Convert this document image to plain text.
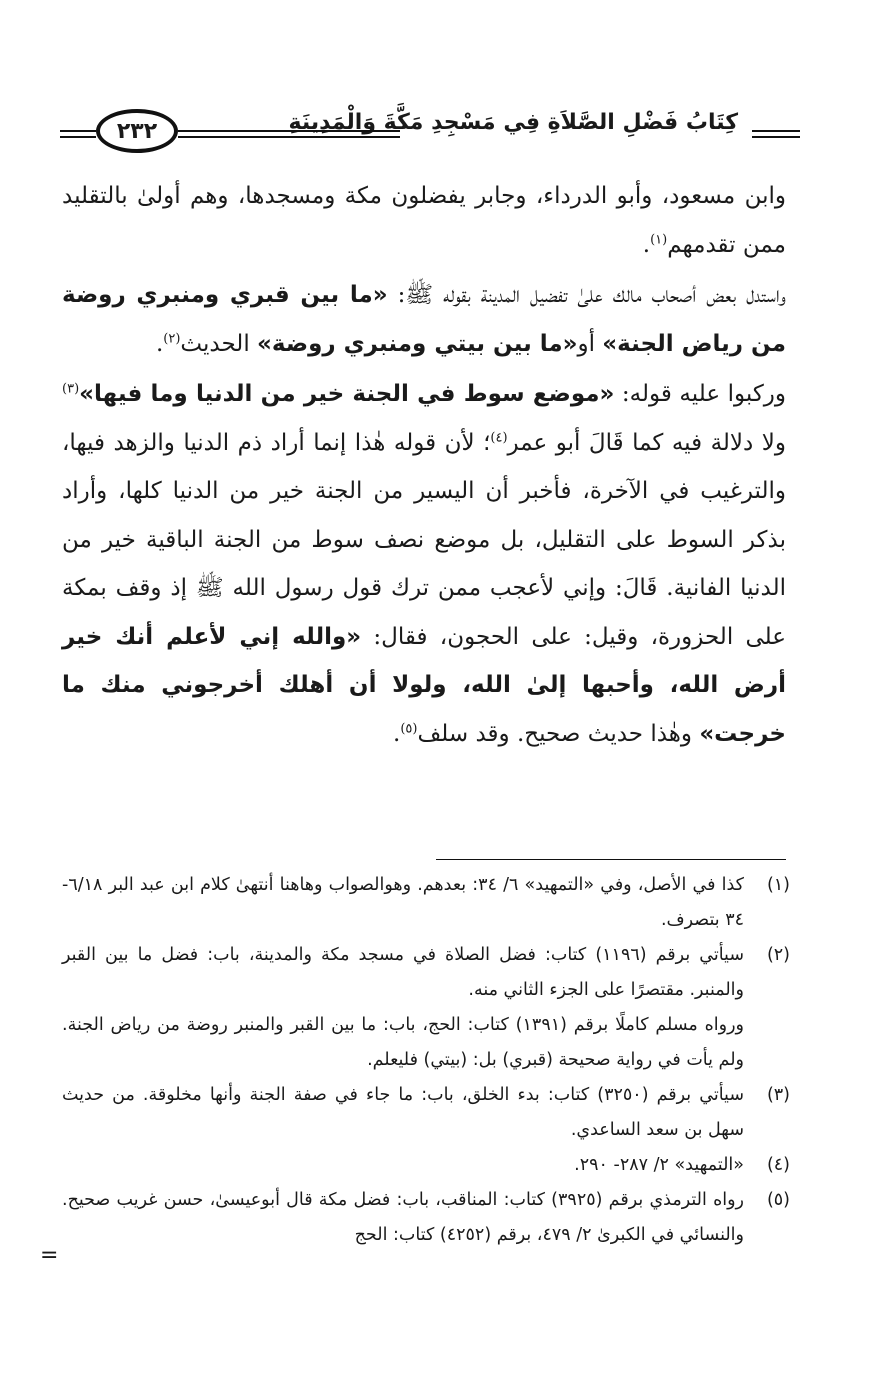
كِتَابُ فَضْلِ الصَّلاَةِ فِي مَسْجِدِ مَكَّةَ وَالْمَدِينَةِ
٢٣٢

وابن مسعود، وأبو الدرداء، وجابر يفضلون مكة ومسجدها، وهم أولىٰ بالتقليد ممن تقدمهم$^{(١)}$.

واستدل بعض أصحاب مالك علىٰ تفضيل المدينة بقوله ﷺ: «ما بين قبري ومنبري روضة من رياض الجنة» أو«ما بين بيتي ومنبري روضة» الحديث$^{(٢)}$.

وركبوا عليه قوله: «موضع سوط في الجنة خير من الدنيا وما فيها»$^{(٣)}$ ولا دلالة فيه كما قَالَ أبو عمر$^{(٤)}$؛ لأن قوله هٰذا إنما أراد ذم الدنيا والزهد فيها، والترغيب في الآخرة، فأخبر أن اليسير من الجنة خير من الدنيا كلها، وأراد بذكر السوط على التقليل، بل موضع نصف سوط من الجنة الباقية خير من الدنيا الفانية. قَالَ: وإني لأعجب ممن ترك قول رسول الله ﷺ إذ وقف بمكة على الحزورة، وقيل: على الحجون، فقال: «والله إني لأعلم أنك خير أرض الله، وأحبها إلىٰ الله، ولولا أن أهلك أخرجوني منك ما خرجت» وهٰذا حديث صحيح. وقد سلف$^{(٥)}$.

(١)
كذا في الأصل، وفي «التمهيد» ٦/ ٣٤: بعدهم. وهوالصواب وهاهنا أنتهىٰ كلام ابن عبد البر ٦/١٨- ٣٤ بتصرف.

(٢)
سيأتي برقم (١١٩٦) كتاب: فضل الصلاة في مسجد مكة والمدينة، باب: فضل ما بين القبر والمنبر. مقتصرًا على الجزء الثاني منه.

ورواه مسلم كاملًا برقم (١٣٩١) كتاب: الحج، باب: ما بين القبر والمنبر روضة من رياض الجنة. ولم يأت في رواية صحيحة (قبري) بل: (بيتي) فليعلم.

(٣)
سيأتي برقم (٣٢٥٠) كتاب: بدء الخلق، باب: ما جاء في صفة الجنة وأنها مخلوقة. من حديث سهل بن سعد الساعدي.

(٤)
«التمهيد» ٢/ ٢٨٧- ٢٩٠.

(٥)
رواه الترمذي برقم (٣٩٢٥) كتاب: المناقب، باب: فضل مكة قال أبوعيسىٰ، حسن غريب صحيح. والنسائي في الكبرىٰ ٢/ ٤٧٩، برقم (٤٢٥٢) كتاب: الحج

=
